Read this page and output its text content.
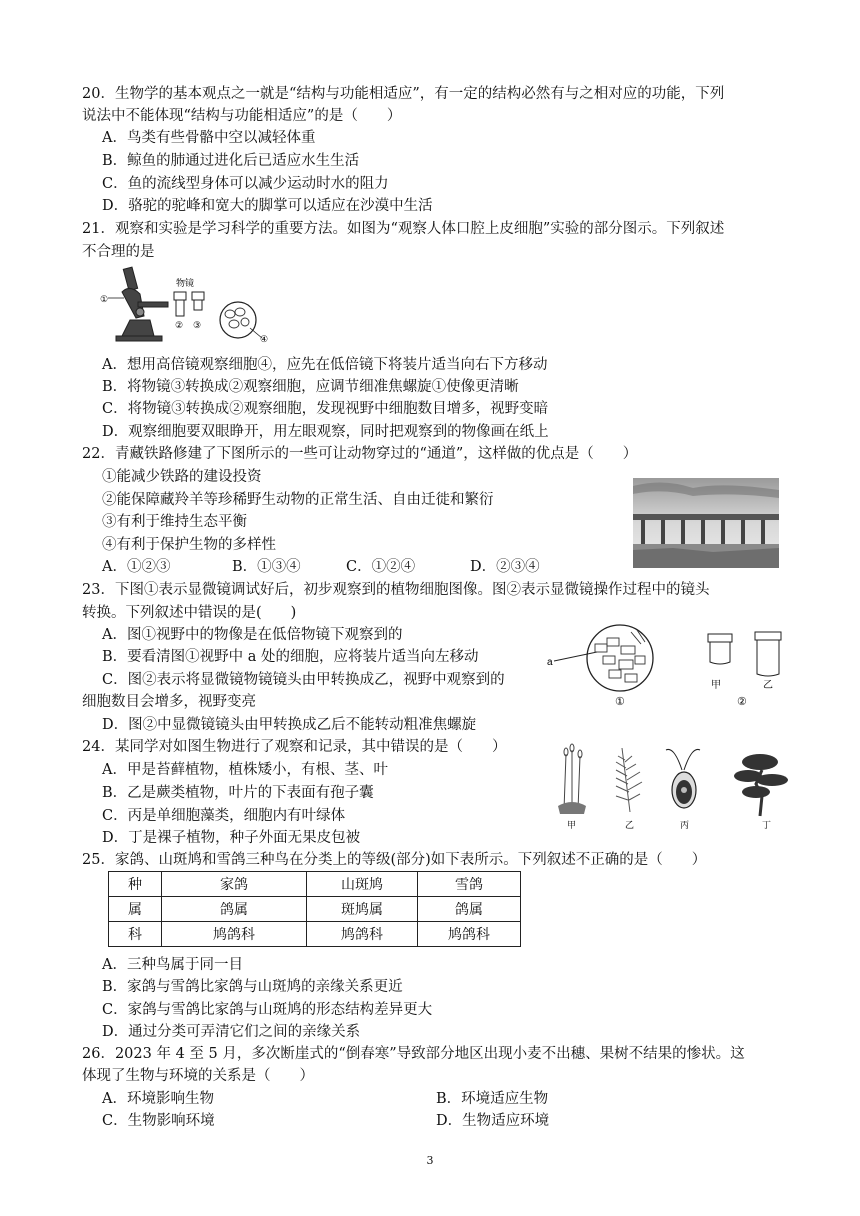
20．生物学的基本观点之一就是“结构与功能相适应”，有一定的结构必然有与之相对应的功能，下列
说法中不能体现“结构与功能相适应”的是（　　）
A．鸟类有些骨骼中空以减轻体重
B．鲸鱼的肺通过进化后已适应水生生活
C．鱼的流线型身体可以减少运动时水的阻力
D．骆驼的驼峰和宽大的脚掌可以适应在沙漠中生活
21．观察和实验是学习科学的重要方法。如图为“观察人体口腔上皮细胞”实验的部分图示。下列叙述
不合理的是
①
物镜
② ③
④
A．想用高倍镜观察细胞④，应先在低倍镜下将装片适当向右下方移动
B．将物镜③转换成②观察细胞，应调节细准焦螺旋①使像更清晰
C．将物镜③转换成②观察细胞，发现视野中细胞数目增多，视野变暗
D．观察细胞要双眼睁开，用左眼观察，同时把观察到的物像画在纸上
22．青藏铁路修建了下图所示的一些可让动物穿过的“通道”，这样做的优点是（　　）
①能减少铁路的建设投资
②能保障藏羚羊等珍稀野生动物的正常生活、自由迁徙和繁衍
③有利于维持生态平衡
④有利于保护生物的多样性
A．①②③	B．①③④	C．①②④	D．②③④
23．下图①表示显微镜调试好后，初步观察到的植物细胞图像。图②表示显微镜操作过程中的镜头
转换。下列叙述中错误的是(　　)
A．图①视野中的物像是在低倍物镜下观察到的
B．要看清图①视野中 a 处的细胞，应将装片适当向左移动
C．图②表示将显微镜物镜镜头由甲转换成乙，视野中观察到的
细胞数目会增多，视野变亮
D．图②中显微镜镜头由甲转换成乙后不能转动粗准焦螺旋
a
①
甲	乙
②
24．某同学对如图生物进行了观察和记录，其中错误的是（　　）
A．甲是苔藓植物，植株矮小，有根、茎、叶
B．乙是蕨类植物，叶片的下表面有孢子囊
C．丙是单细胞藻类，细胞内有叶绿体
D．丁是裸子植物，种子外面无果皮包被
甲	乙	丙	丁
25．家鸽、山斑鸠和雪鸽三种鸟在分类上的等级(部分)如下表所示。下列叙述不正确的是（　　）
种	家鸽	山斑鸠	雪鸽
属	鸽属	斑鸠属	鸽属
科	鸠鸽科	鸠鸽科	鸠鸽科
A．三种鸟属于同一目
B．家鸽与雪鸽比家鸽与山斑鸠的亲缘关系更近
C．家鸽与雪鸽比家鸽与山斑鸠的形态结构差异更大
D．通过分类可弄清它们之间的亲缘关系
26．2023 年 4 至 5 月，多次断崖式的“倒春寒”导致部分地区出现小麦不出穗、果树不结果的惨状。这
体现了生物与环境的关系是（　　）
A．环境影响生物	B．环境适应生物
C．生物影响环境	D．生物适应环境
3
